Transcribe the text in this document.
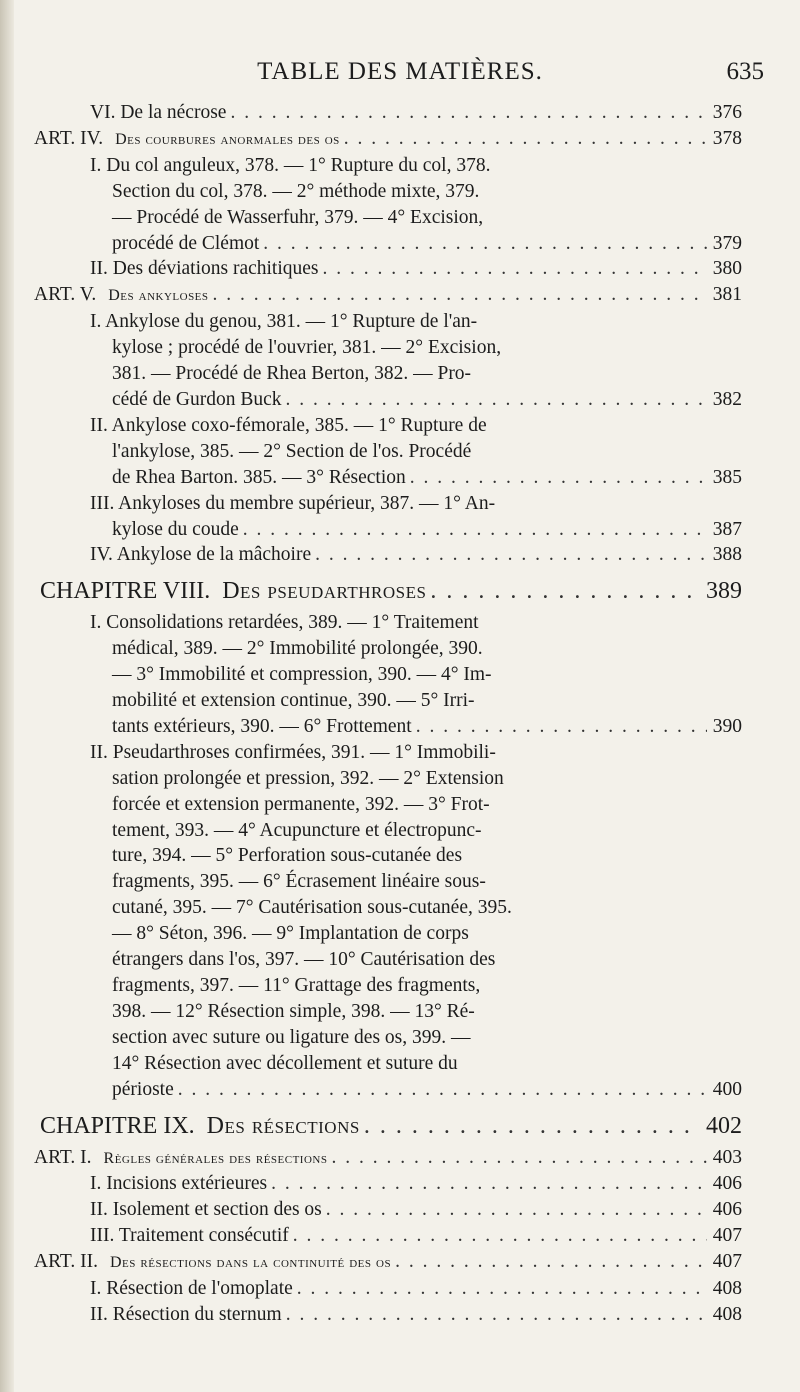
TABLE DES MATIÈRES.	635
VI. De la nécrose . . .	376
ART. IV. Des courbures anormales des os . . .	378
I. Du col anguleux, 378. — 1° Rupture du col, 378.
Section du col, 378. — 2° méthode mixte, 379.
— Procédé de Wasserfuhr, 379. — 4° Excision,
procédé de Clémot . . .	379
II. Des déviations rachitiques . . .	380
ART. V. Des ankyloses . . .	381
I. Ankylose du genou, 381. — 1° Rupture de l'an-
kylose ; procédé de l'ouvrier, 381. — 2° Excision,
381. — Procédé de Rhea Berton, 382. — Pro-
cédé de Gurdon Buck . . .	382
II. Ankylose coxo-fémorale, 385. — 1° Rupture de
l'ankylose, 385. — 2° Section de l'os. Procédé
de Rhea Barton. 385. — 3° Résection . . .	385
III. Ankyloses du membre supérieur, 387. — 1° An-
kylose du coude . . .	387
IV. Ankylose de la mâchoire . . .	388
CHAPITRE VIII. Des pseudarthroses . . .	389
I. Consolidations retardées, 389. — 1° Traitement
médical, 389. — 2° Immobilité prolongée, 390.
— 3° Immobilité et compression, 390. — 4° Im-
mobilité et extension continue, 390. — 5° Irri-
tants extérieurs, 390. — 6° Frottement . . .	390
II. Pseudarthroses confirmées, 391. — 1° Immobili-
sation prolongée et pression, 392. — 2° Extension
forcée et extension permanente, 392. — 3° Frot-
tement, 393. — 4° Acupuncture et électropunc-
ture, 394. — 5° Perforation sous-cutanée des
fragments, 395. — 6° Écrasement linéaire sous-
cutané, 395. — 7° Cautérisation sous-cutanée, 395.
— 8° Séton, 396. — 9° Implantation de corps
étrangers dans l'os, 397. — 10° Cautérisation des
fragments, 397. — 11° Grattage des fragments,
398. — 12° Résection simple, 398. — 13° Ré-
section avec suture ou ligature des os, 399. —
14° Résection avec décollement et suture du
périoste . . .	400
CHAPITRE IX. Des résections . . .	402
ART. I. Règles générales des résections . . .	403
I. Incisions extérieures . . .	406
II. Isolement et section des os . . .	406
III. Traitement consécutif . . .	407
ART. II. Des résections dans la continuité des os . . .	407
I. Résection de l'omoplate . . .	408
II. Résection du sternum . . .	408
